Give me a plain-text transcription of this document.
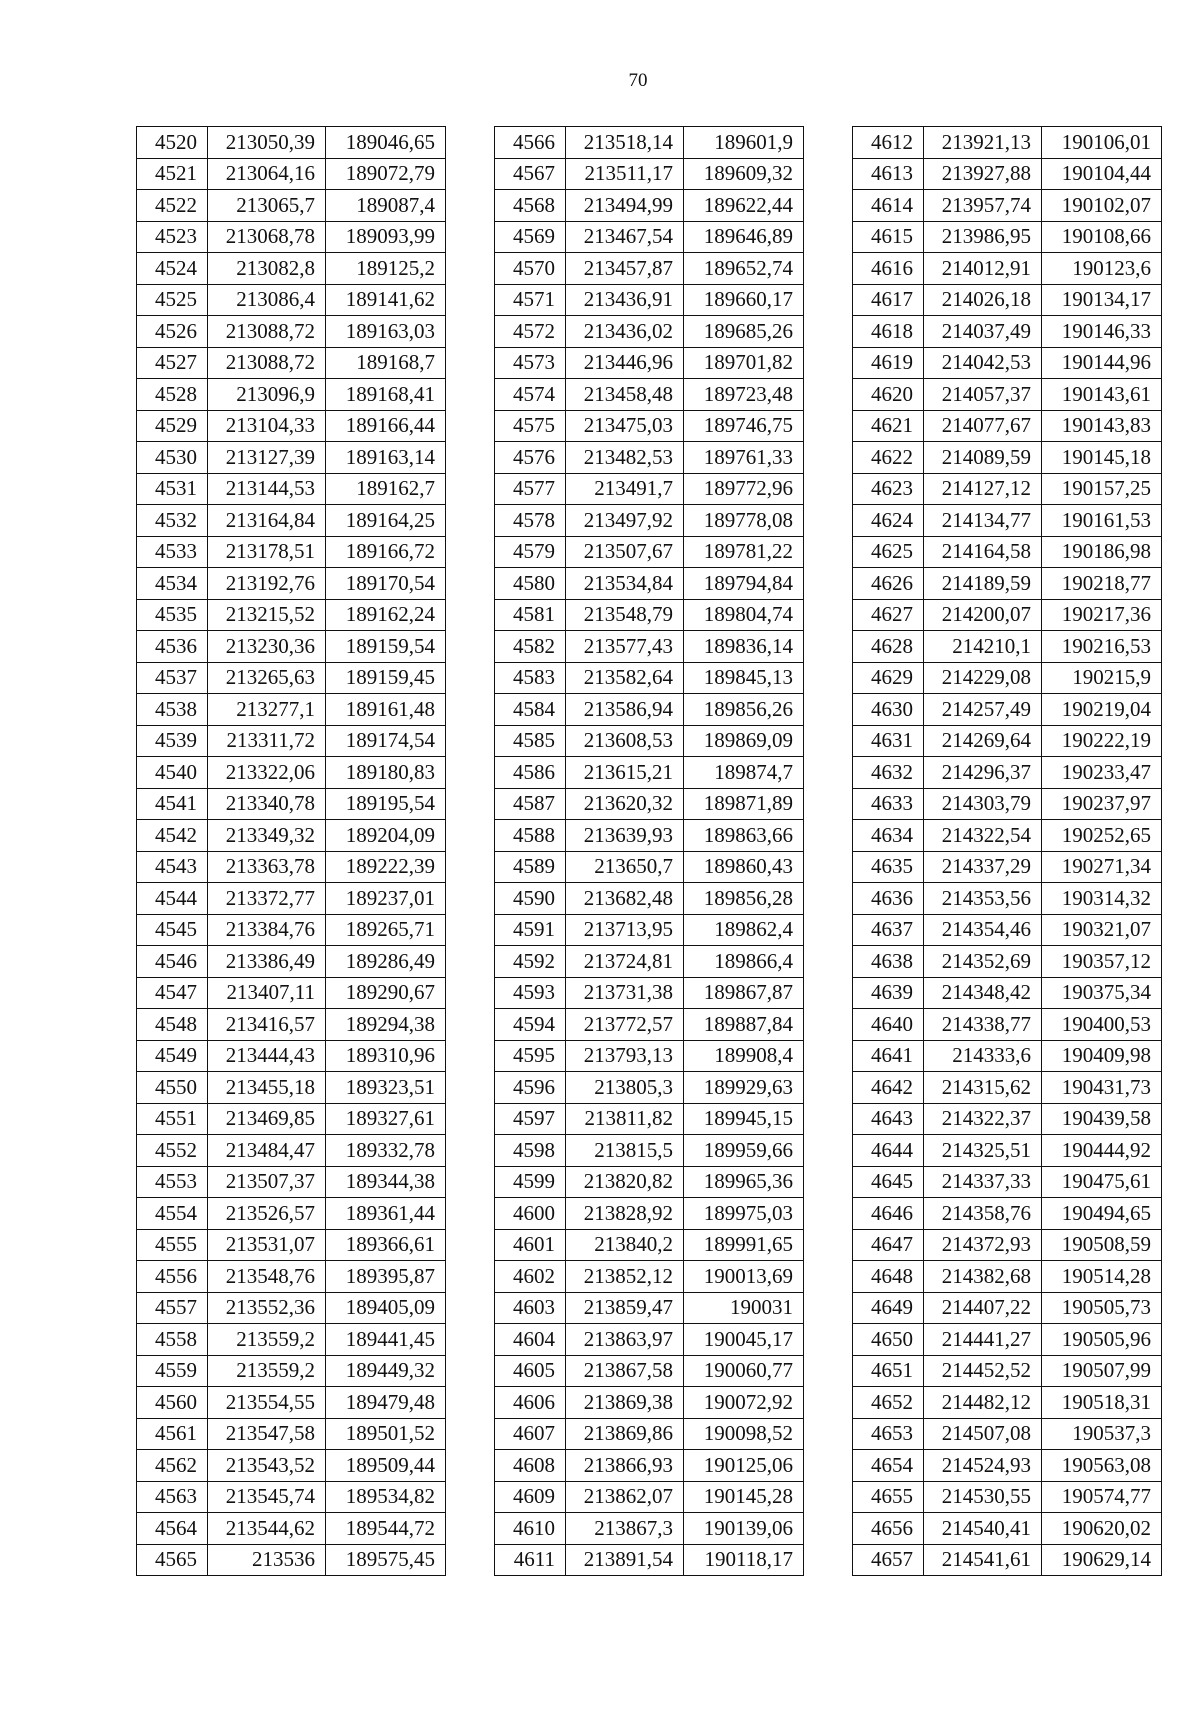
70
4520	213050,39	189046,65
4521	213064,16	189072,79
4522	213065,7	189087,4
4523	213068,78	189093,99
4524	213082,8	189125,2
4525	213086,4	189141,62
4526	213088,72	189163,03
4527	213088,72	189168,7
4528	213096,9	189168,41
4529	213104,33	189166,44
4530	213127,39	189163,14
4531	213144,53	189162,7
4532	213164,84	189164,25
4533	213178,51	189166,72
4534	213192,76	189170,54
4535	213215,52	189162,24
4536	213230,36	189159,54
4537	213265,63	189159,45
4538	213277,1	189161,48
4539	213311,72	189174,54
4540	213322,06	189180,83
4541	213340,78	189195,54
4542	213349,32	189204,09
4543	213363,78	189222,39
4544	213372,77	189237,01
4545	213384,76	189265,71
4546	213386,49	189286,49
4547	213407,11	189290,67
4548	213416,57	189294,38
4549	213444,43	189310,96
4550	213455,18	189323,51
4551	213469,85	189327,61
4552	213484,47	189332,78
4553	213507,37	189344,38
4554	213526,57	189361,44
4555	213531,07	189366,61
4556	213548,76	189395,87
4557	213552,36	189405,09
4558	213559,2	189441,45
4559	213559,2	189449,32
4560	213554,55	189479,48
4561	213547,58	189501,52
4562	213543,52	189509,44
4563	213545,74	189534,82
4564	213544,62	189544,72
4565	213536	189575,45
4566	213518,14	189601,9
4567	213511,17	189609,32
4568	213494,99	189622,44
4569	213467,54	189646,89
4570	213457,87	189652,74
4571	213436,91	189660,17
4572	213436,02	189685,26
4573	213446,96	189701,82
4574	213458,48	189723,48
4575	213475,03	189746,75
4576	213482,53	189761,33
4577	213491,7	189772,96
4578	213497,92	189778,08
4579	213507,67	189781,22
4580	213534,84	189794,84
4581	213548,79	189804,74
4582	213577,43	189836,14
4583	213582,64	189845,13
4584	213586,94	189856,26
4585	213608,53	189869,09
4586	213615,21	189874,7
4587	213620,32	189871,89
4588	213639,93	189863,66
4589	213650,7	189860,43
4590	213682,48	189856,28
4591	213713,95	189862,4
4592	213724,81	189866,4
4593	213731,38	189867,87
4594	213772,57	189887,84
4595	213793,13	189908,4
4596	213805,3	189929,63
4597	213811,82	189945,15
4598	213815,5	189959,66
4599	213820,82	189965,36
4600	213828,92	189975,03
4601	213840,2	189991,65
4602	213852,12	190013,69
4603	213859,47	190031
4604	213863,97	190045,17
4605	213867,58	190060,77
4606	213869,38	190072,92
4607	213869,86	190098,52
4608	213866,93	190125,06
4609	213862,07	190145,28
4610	213867,3	190139,06
4611	213891,54	190118,17
4612	213921,13	190106,01
4613	213927,88	190104,44
4614	213957,74	190102,07
4615	213986,95	190108,66
4616	214012,91	190123,6
4617	214026,18	190134,17
4618	214037,49	190146,33
4619	214042,53	190144,96
4620	214057,37	190143,61
4621	214077,67	190143,83
4622	214089,59	190145,18
4623	214127,12	190157,25
4624	214134,77	190161,53
4625	214164,58	190186,98
4626	214189,59	190218,77
4627	214200,07	190217,36
4628	214210,1	190216,53
4629	214229,08	190215,9
4630	214257,49	190219,04
4631	214269,64	190222,19
4632	214296,37	190233,47
4633	214303,79	190237,97
4634	214322,54	190252,65
4635	214337,29	190271,34
4636	214353,56	190314,32
4637	214354,46	190321,07
4638	214352,69	190357,12
4639	214348,42	190375,34
4640	214338,77	190400,53
4641	214333,6	190409,98
4642	214315,62	190431,73
4643	214322,37	190439,58
4644	214325,51	190444,92
4645	214337,33	190475,61
4646	214358,76	190494,65
4647	214372,93	190508,59
4648	214382,68	190514,28
4649	214407,22	190505,73
4650	214441,27	190505,96
4651	214452,52	190507,99
4652	214482,12	190518,31
4653	214507,08	190537,3
4654	214524,93	190563,08
4655	214530,55	190574,77
4656	214540,41	190620,02
4657	214541,61	190629,14
